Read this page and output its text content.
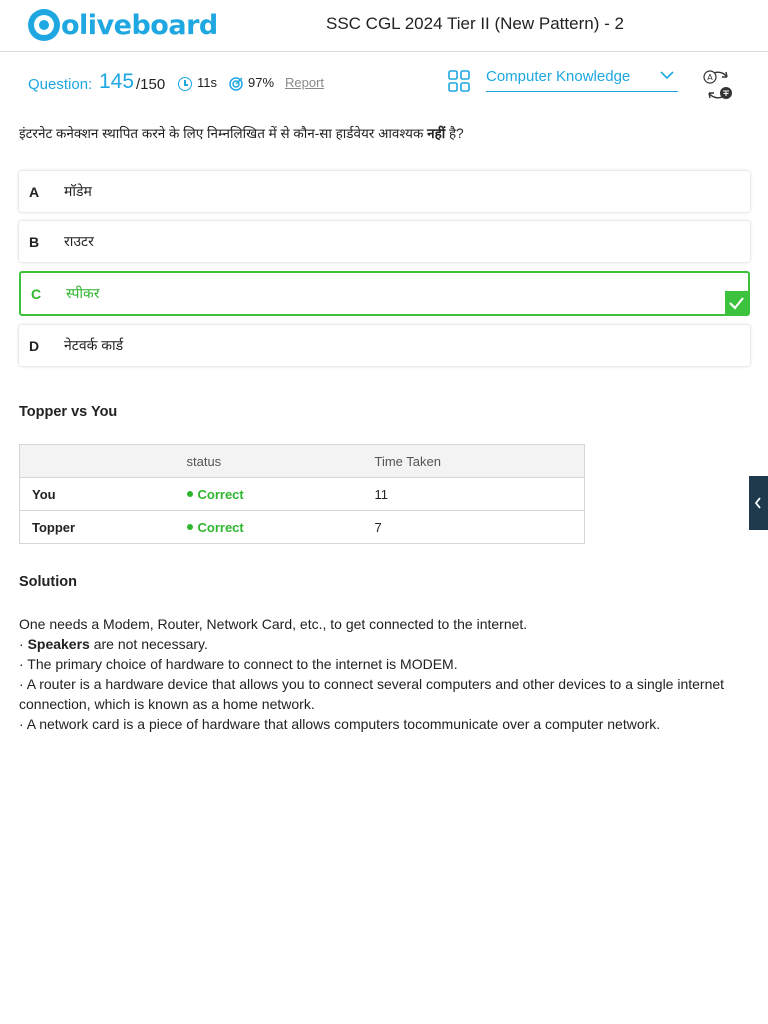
oliveboard	SSC CGL 2024 Tier II (New Pattern) - 2
Question: 145 /150 11s 97% Report	Computer Knowledge	A
इंटरनेट कनेक्शन स्थापित करने के लिए निम्नलिखित में से कौन-सा हार्डवेयर आवश्यक नहीं है?
A मॉडेम
B राउटर
C स्पीकर
D नेटवर्क कार्ड
Topper vs You
	status	Time Taken
You	Correct	11
Topper	Correct	7
Solution

One needs a Modem, Router, Network Card, etc., to get connected to the internet.

· Speakers are not necessary.

· The primary choice of hardware to connect to the internet is MODEM.

· A router is a hardware device that allows you to connect several computers and other devices to a single internet connection, which is known as a home network.

· A network card is a piece of hardware that allows computers tocommunicate over a computer network.
